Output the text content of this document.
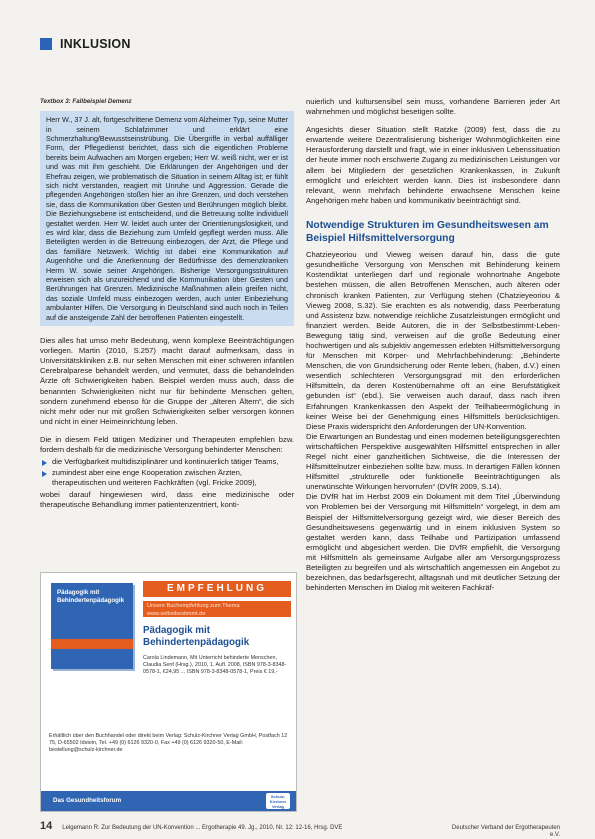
INKLUSION
Textbox 3: Fallbeispiel Demenz
Herr W., 37 J. alt, fortgeschrittene Demenz vom Alzheimer Typ, seine Mutter in seinem Schlafzimmer und erklärt eine Schmerzhaltung/Bewusstseinstrübung. Die Übergriffe in verbal auffälliger Form, der Pflegedienst berichtet, dass sich die eigentlichen Probleme bereits beim Aufwachen am Morgen ergeben; Herr W. weiß nicht, wer er ist und was mit ihm geschieht. Die Erklärungen der Angehörigen und der Ehefrau zeigen, wie problematisch die Situation in seinem Alltag ist; er fühlt sich nicht verstanden, reagiert mit Unruhe und Aggression. Gerade die pflegenden Angehörigen stoßen hier an ihre Grenzen, und doch verstehen sie, dass die Kommunikation über Gesten und Berührungen möglich bleibt. Die Beziehungsebene ist entscheidend, und die Betreuung sollte individuell gestaltet werden. Herr W. leidet auch unter der Orientierungslosigkeit, und es wird klar, dass die Beziehung zum Umfeld gepflegt werden muss. Alle Beteiligten werden in die Betreuung einbezogen, der Arzt, die Pflege und das familiäre Netzwerk. Wichtig ist dabei eine Kommunikation auf Augenhöhe und die Anerkennung der Bedürfnisse des demenzkranken Herrn W. sowie seiner Angehörigen. Bisherige Versorgungsstrukturen erweisen sich als unzureichend und die Kommunikation über Gesten und Berührungen hat Grenzen. Medizinische Maßnahmen allein greifen nicht, das soziale Umfeld muss einbezogen werden, auch unter Einbeziehung ambulanter Hilfen. Die Versorgung in Deutschland sind auch noch in Teilen auf die ansteigende Zahl der betroffenen Patienten eingestellt.

Dies alles hat umso mehr Bedeutung, wenn komplexe Beeinträchtigungen vorliegen. Martin (2010, S.257) macht darauf aufmerksam, dass in Universitätskliniken z.B. nur selten Menschen mit einer schweren infantilen Cerebralparese behandelt werden, und vermutet, dass die behandelnden Ärzte oft Schwierigkeiten haben. Beispiel werden muss auch, dass die benannten Schwierigkeiten nicht nur für behinderte Menschen gelten, sondern zunehmend ebenso für die Gruppe der „älteren Ältern“, die sich nicht mehr oder nur mit großen Schwierigkeiten selber versorgen können und nicht in einer Heimeinrichtung leben.

Die in diesem Feld tätigen Mediziner und Therapeuten empfehlen bzw. fordern deshalb für die medizinische Versorgung behinderter Menschen:

die Verfügbarkeit multidisziplinärer und kontinuierlich tätiger Teams,
zumindest aber eine enge Kooperation zwischen Ärzten, therapeutischen und weiteren Fachkräften (vgl. Fricke 2009),

wobei darauf hingewiesen wird, dass eine medizinische oder therapeutische Behandlung immer patientenzentriert, konti-

nuierlich und kultursensibel sein muss, vorhandene Barrieren jeder Art wahrnehmen und möglichst besetigen sollte.

Angesichts dieser Situation stellt Ratzke (2009) fest, dass die zu erwartende weitere Dezentralisierung bisheriger Wohnmöglichkeiten eine Herausforderung darstellt und fragt, wie in einer inklusiven Lebenssituation der heute immer noch erschwerte Zugang zu medizinischen Leistungen vor allem bei Mitgliedern der gesetzlichen Krankenkassen, in Zukunft ermöglicht und erleichtert werden kann. Dies ist insbesondere dann relevant, wenn mehrfach behinderte erwachsene Menschen keine Angehörigen mehr haben und kommunikativ beeinträchtigt sind.

Notwendige Strukturen im Gesundheitswesen am Beispiel Hilfsmittelversorgung

Chatzieyeoriou und Vieweg weisen darauf hin, dass die gute gesundheitliche Versorgung von Menschen mit Behinderung keinem Kostendiktat unterliegen darf und regionale wohnortnahe Angebote bestehen müssen, die allen Betroffenen Menschen, auch älteren oder chronisch kranken Patienten, zur Verfügung stehen (Chatzieyeoriou & Vieweg 2008, S.32). Sie erachten es als notwendig, dass Peerberatung und Assistenz bzw. notwendige reichliche Zusatzleistungen ermöglicht und finanziert werden. Beide Autoren, die in der Selbstbestimmt-Leben-Bewegung tätig sind, verweisen auf die große Bedeutung einer hochwertigen und als subjektiv angemessen erlebten Hilfsmittelversorgung für Menschen mit Körper- und Mehrfachbehinderung: „Behinderte Menschen, die von Grundsicherung oder Rente leben, (haben, d.V.) einen wesentlich schlechteren Versorgungsgrad mit den erforderlichen Hilfsmitteln, da deren Kostenübernahme oft an eine Berufstätigkeit gebunden ist“ (ebd.). Sie verweisen auch darauf, dass nach ihren Erfahrungen Krankenkassen den Aspekt der Teilhabeermöglichung in keiner Weise bei der Genehmigung eines Hilfsmittels berücksichtigen. Diese Praxis widerspricht den Anforderungen der UN-Konvention.

Die Erwartungen an Bundestag und einen modernen beteiligungsgerechten wirtschaftlichen Perspektive ausgewählten Hilfsmittel entsprechen in aller Regel nicht einer ganzheitlichen Sichtweise, die die Interessen der Hilfsmittelnutzer einbeziehen sollte bzw. muss. In derartigen Fällen können Hilfsmittel „strukturelle oder funktionelle Beeinträchtigungen als unerwünschte Wirkungen hervorrufen“ (DVfR 2009, S.14).

Die DVfR hat im Herbst 2009 ein Dokument mit dem Titel „Überwindung von Problemen bei der Versorgung mit Hilfsmitteln“ vorgelegt, in dem am Beispiel der Hilfsmittelversorgung gezeigt wird, wie dieser Bereich des Gesundheitswesens gegenwärtig und in einem inklusiven System so gestaltet werden kann, dass Teilhabe und Partizipation umfassend ermöglicht und abgesichert werden. Die DVfR empfiehlt, die Versorgung mit Hilfsmitteln als gemeinsame Aufgabe aller am Versorgungsprozess Beteiligten zu begreifen und als wirtschaftlich angemessen ein Angebot zu bezeichnen, das bedarfsgerecht, alltagsnah und mit deutlicher Setzung der behinderten Menschen im Dialog mit weiteren Fachkräf-

Pädagogik mit Behindertenpädagogik
EMPFEHLUNG
Unsere Buchempfehlung zum Thema www.selbstbestimmt.de
Pädagogik mit Behindertenpädagogik
Carola Lindemann, Mit Unterricht behinderte Menschen, Claudia Senf (Hrsg.), 2010, 1. Aufl. 2008, ISBN 978-3-8348-0578-1, €24,95 ... ISBN 978-3-8348-0578-1, Preis € 19,-
Erhältlich über den Buchhandel oder direkt beim Verlag: Schulz-Kirchner Verlag GmbH, Postfach 12 75, D-65502 Idstein, Tel. +49 (0) 6126 9320-0, Fax +49 (0) 6126 9320-50, E-Mail: bestellung@schulz-kirchner.de
Das Gesundheitsforum
Schulz-Kirchner Verlag
14 Lelgemann R: Zur Bedeutung der UN-Konvention ... Ergotherapie 49. Jg., 2010, Nr. 12: 12-16, Hrsg. DVE	Deutscher Verband der Ergotherapeuten e.V.
